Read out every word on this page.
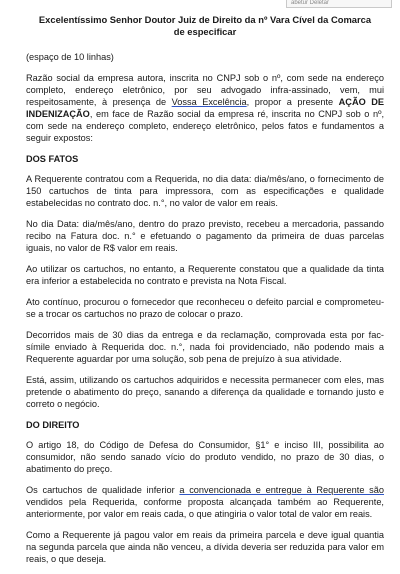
abetur Deletar
Excelentíssimo Senhor Doutor Juiz de Direito da nº Vara Cível da Comarca
de especificar
(espaço de 10 linhas)

Razão social da empresa autora, inscrita no CNPJ sob o nº, com sede na endereço completo, endereço eletrônico, por seu advogado infra-assinado, vem, mui respeitosamente, à presença de Vossa Excelência, propor a presente AÇÃO DE INDENIZAÇÃO, em face de Razão social da empresa ré, inscrita no CNPJ sob o nº, com sede na endereço completo, endereço eletrônico, pelos fatos e fundamentos a seguir expostos:

DOS FATOS

A Requerente contratou com a Requerida, no dia data: dia/mês/ano, o fornecimento de 150 cartuchos de tinta para impressora, com as especificações e qualidade estabelecidas no contrato doc. n.°, no valor de valor em reais.

No dia Data: dia/mês/ano, dentro do prazo previsto, recebeu a mercadoria, passando recibo na Fatura doc. n.° e efetuando o pagamento da primeira de duas parcelas iguais, no valor de R$ valor em reais.

Ao utilizar os cartuchos, no entanto, a Requerente constatou que a qualidade da tinta era inferior a estabelecida no contrato e prevista na Nota Fiscal.

Ato contínuo, procurou o fornecedor que reconheceu o defeito parcial e comprometeu-se a trocar os cartuchos no prazo de colocar o prazo.

Decorridos mais de 30 dias da entrega e da reclamação, comprovada esta por fac-símile enviado à Requerida doc. n.°, nada foi providenciado, não podendo mais a Requerente aguardar por uma solução, sob pena de prejuízo à sua atividade.

Está, assim, utilizando os cartuchos adquiridos e necessita permanecer com eles, mas pretende o abatimento do preço, sanando a diferença da qualidade e tornando justo e correto o negócio.

DO DIREITO

O artigo 18, do Código de Defesa do Consumidor, §1° e inciso III, possibilita ao consumidor, não sendo sanado vício do produto vendido, no prazo de 30 dias, o abatimento do preço.

Os cartuchos de qualidade inferior a convencionada e entregue à Requerente são vendidos pela Requerida, conforme proposta alcançada também ao Requerente, anteriormente, por valor em reais cada, o que atingiria o valor total de valor em reais.

Como a Requerente já pagou valor em reais da primeira parcela e deve igual quantia na segunda parcela que ainda não venceu, a dívida deveria ser reduzida para valor em reais, o que deseja.
